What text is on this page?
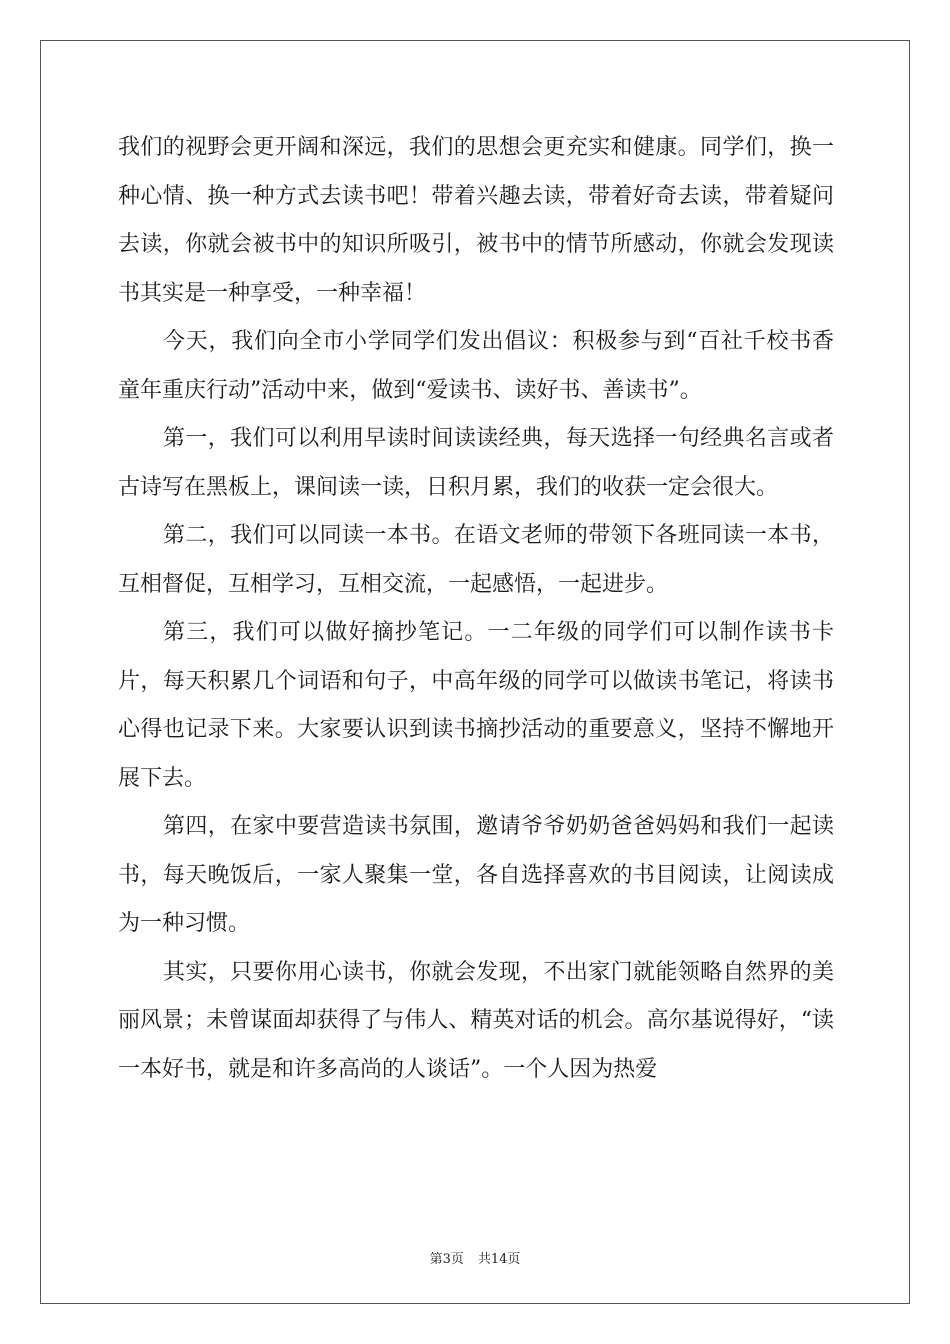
我们的视野会更开阔和深远，我们的思想会更充实和健康。同学们，换一种心情、换一种方式去读书吧！带着兴趣去读，带着好奇去读，带着疑问去读，你就会被书中的知识所吸引，被书中的情节所感动，你就会发现读书其实是一种享受，一种幸福！

今天，我们向全市小学同学们发出倡议：积极参与到“百社千校书香童年重庆行动”活动中来，做到“爱读书、读好书、善读书”。

第一，我们可以利用早读时间读读经典，每天选择一句经典名言或者古诗写在黑板上，课间读一读，日积月累，我们的收获一定会很大。

第二，我们可以同读一本书。在语文老师的带领下各班同读一本书，互相督促，互相学习，互相交流，一起感悟，一起进步。

第三，我们可以做好摘抄笔记。一二年级的同学们可以制作读书卡片，每天积累几个词语和句子，中高年级的同学可以做读书笔记，将读书心得也记录下来。大家要认识到读书摘抄活动的重要意义，坚持不懈地开展下去。

第四，在家中要营造读书氛围，邀请爷爷奶奶爸爸妈妈和我们一起读书，每天晚饭后，一家人聚集一堂，各自选择喜欢的书目阅读，让阅读成为一种习惯。

其实，只要你用心读书，你就会发现，不出家门就能领略自然界的美丽风景；未曾谋面却获得了与伟人、精英对话的机会。高尔基说得好，“读一本好书，就是和许多高尚的人谈话”。一个人因为热爱

第3页 共14页
